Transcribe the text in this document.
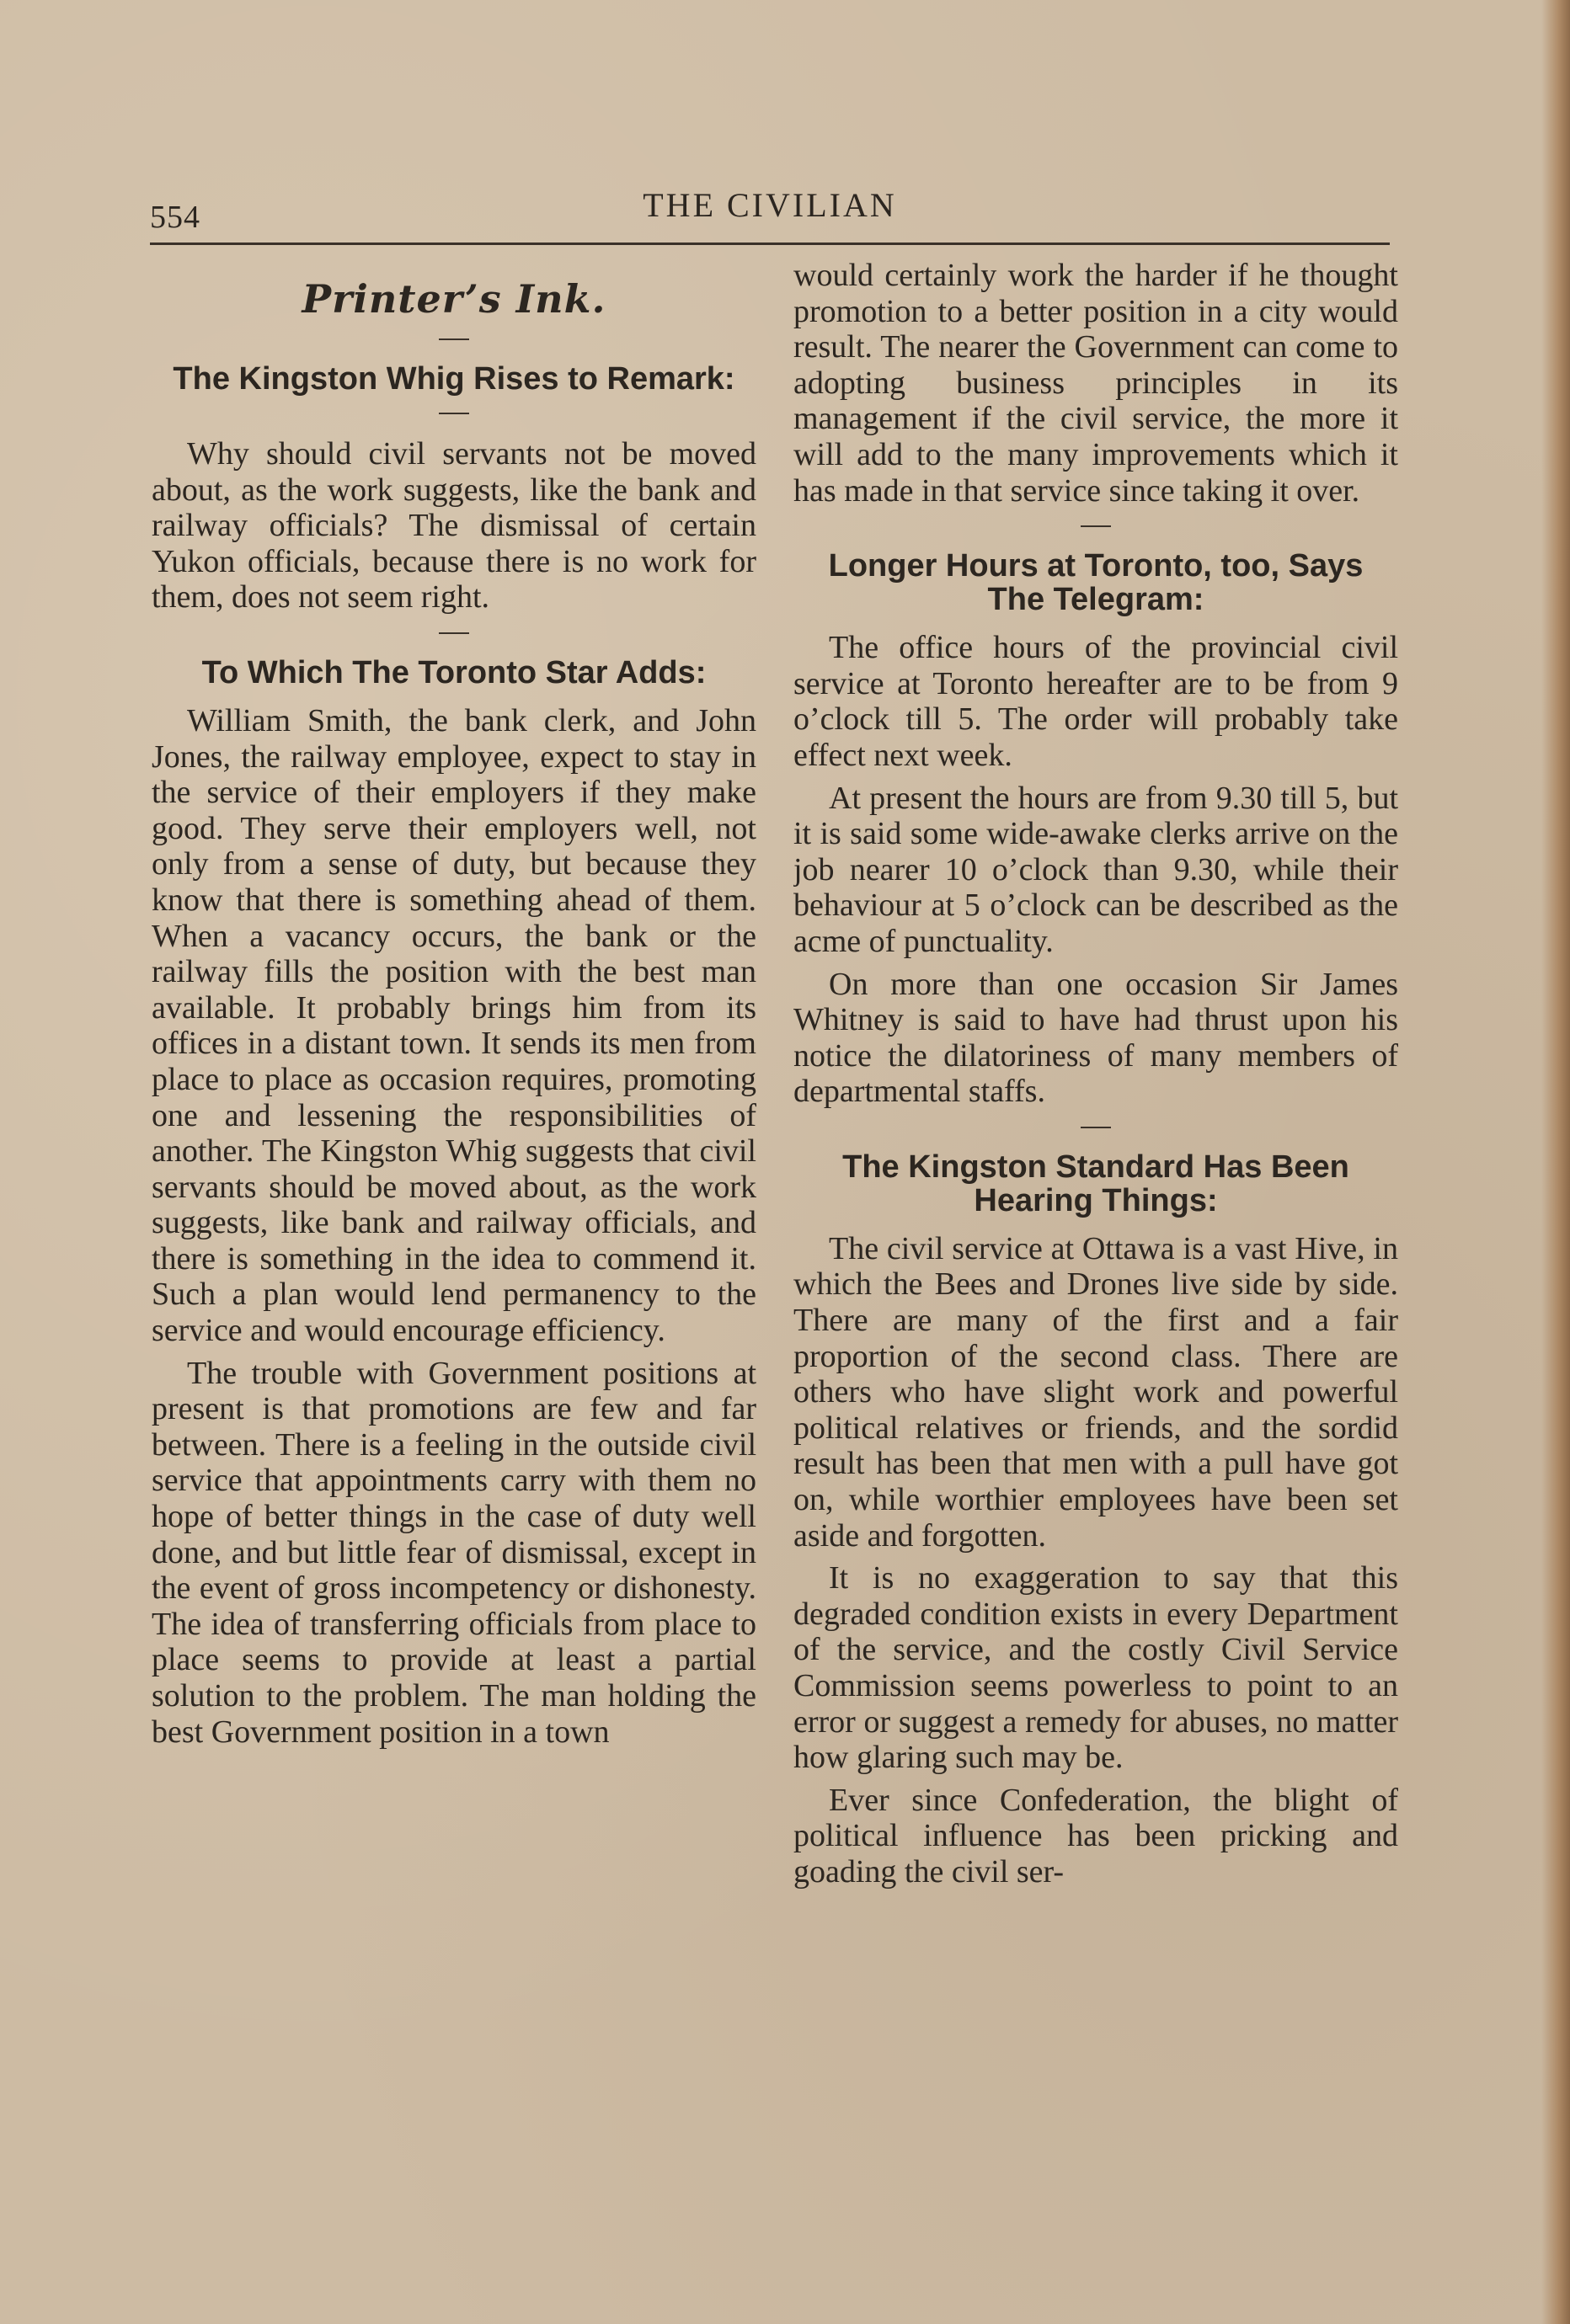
554	THE CIVILIAN
Printer’s Ink.
The Kingston Whig Rises to Remark:

Why should civil servants not be moved about, as the work suggests, like the bank and railway officials? The dismissal of certain Yukon officials, because there is no work for them, does not seem right.

To Which The Toronto Star Adds:

William Smith, the bank clerk, and John Jones, the railway employee, expect to stay in the service of their employers if they make good. They serve their employers well, not only from a sense of duty, but because they know that there is something ahead of them. When a vacancy occurs, the bank or the railway fills the position with the best man available. It probably brings him from its offices in a distant town. It sends its men from place to place as occasion requires, promoting one and lessening the responsibilities of another. The Kingston Whig suggests that civil servants should be moved about, as the work suggests, like bank and railway officials, and there is something in the idea to commend it. Such a plan would lend permanency to the service and would encourage efficiency.

The trouble with Government positions at present is that promotions are few and far between. There is a feeling in the outside civil service that appointments carry with them no hope of better things in the case of duty well done, and but little fear of dismissal, except in the event of gross incompetency or dishonesty. The idea of transferring officials from place to place seems to provide at least a partial solution to the problem. The man holding the best Government position in a town

would certainly work the harder if he thought promotion to a better position in a city would result. The nearer the Government can come to adopting business principles in its management if the civil service, the more it will add to the many improvements which it has made in that service since taking it over.

Longer Hours at Toronto, too, Says The Telegram:

The office hours of the provincial civil service at Toronto hereafter are to be from 9 o’clock till 5. The order will probably take effect next week.

At present the hours are from 9.30 till 5, but it is said some wide-awake clerks arrive on the job nearer 10 o’clock than 9.30, while their behaviour at 5 o’clock can be described as the acme of punctuality.

On more than one occasion Sir James Whitney is said to have had thrust upon his notice the dilatoriness of many members of departmental staffs.

The Kingston Standard Has Been Hearing Things:

The civil service at Ottawa is a vast Hive, in which the Bees and Drones live side by side. There are many of the first and a fair proportion of the second class. There are others who have slight work and powerful political relatives or friends, and the sordid result has been that men with a pull have got on, while worthier employees have been set aside and forgotten.

It is no exaggeration to say that this degraded condition exists in every Department of the service, and the costly Civil Service Commission seems powerless to point to an error or suggest a remedy for abuses, no matter how glaring such may be.

Ever since Confederation, the blight of political influence has been pricking and goading the civil ser-
